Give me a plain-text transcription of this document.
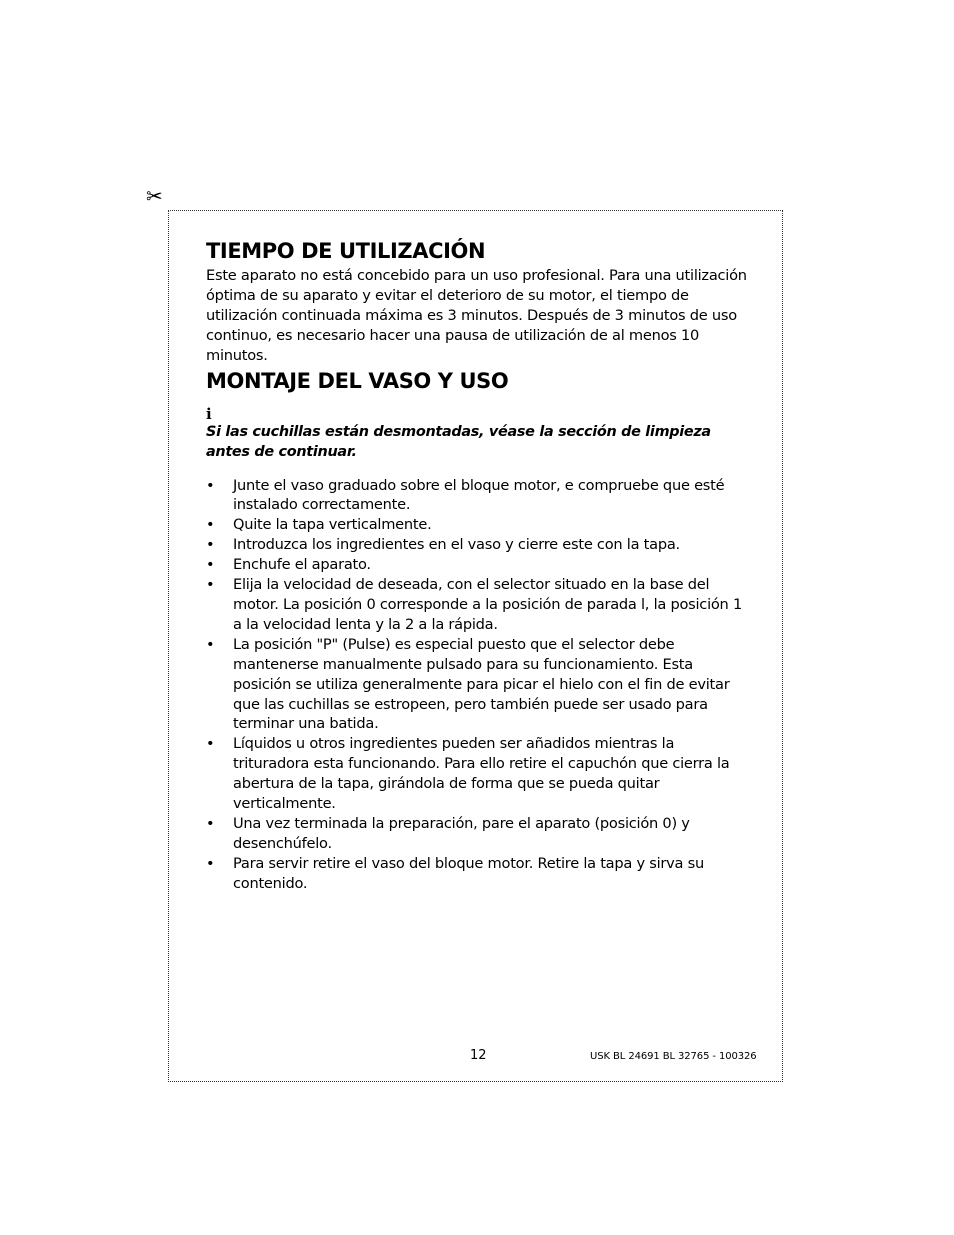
✂
TIEMPO DE UTILIZACIÓN

Este aparato no está concebido para un uso profesional. Para una utilización óptima de su aparato y evitar el deterioro de su motor, el tiempo de utilización continuada máxima es 3 minutos. Después de 3 minutos de uso continuo, es necesario hacer una pausa de utilización de al menos 10 minutos.

MONTAJE DEL VASO Y USO
i

Si las cuchillas están desmontadas, véase la sección de limpieza antes de continuar.

• Junte el vaso graduado sobre el bloque motor, e compruebe que esté instalado correctamente.
• Quite la tapa verticalmente.
• Introduzca los ingredientes en el vaso y cierre este con la tapa.
• Enchufe el aparato.
• Elija la velocidad de deseada, con el selector situado en la base del motor. La posición 0 corresponde a la posición de parada l, la posición 1 a la velocidad lenta y la 2 a la rápida.
• La posición "P" (Pulse) es especial puesto que el selector debe mantenerse manualmente pulsado para su funcionamiento. Esta posición se utiliza generalmente para picar el hielo con el fin de evitar que las cuchillas se estropeen, pero también puede ser usado para terminar una batida.
• Líquidos u otros ingredientes pueden ser añadidos mientras la trituradora esta funcionando. Para ello retire el capuchón que cierra la abertura de la tapa, girándola de forma que se pueda quitar verticalmente.
• Una vez terminada la preparación, pare el aparato (posición 0) y desenchúfelo.
• Para servir retire el vaso del bloque motor. Retire la tapa y sirva su contenido.
12	USK BL 24691 BL 32765 - 100326
